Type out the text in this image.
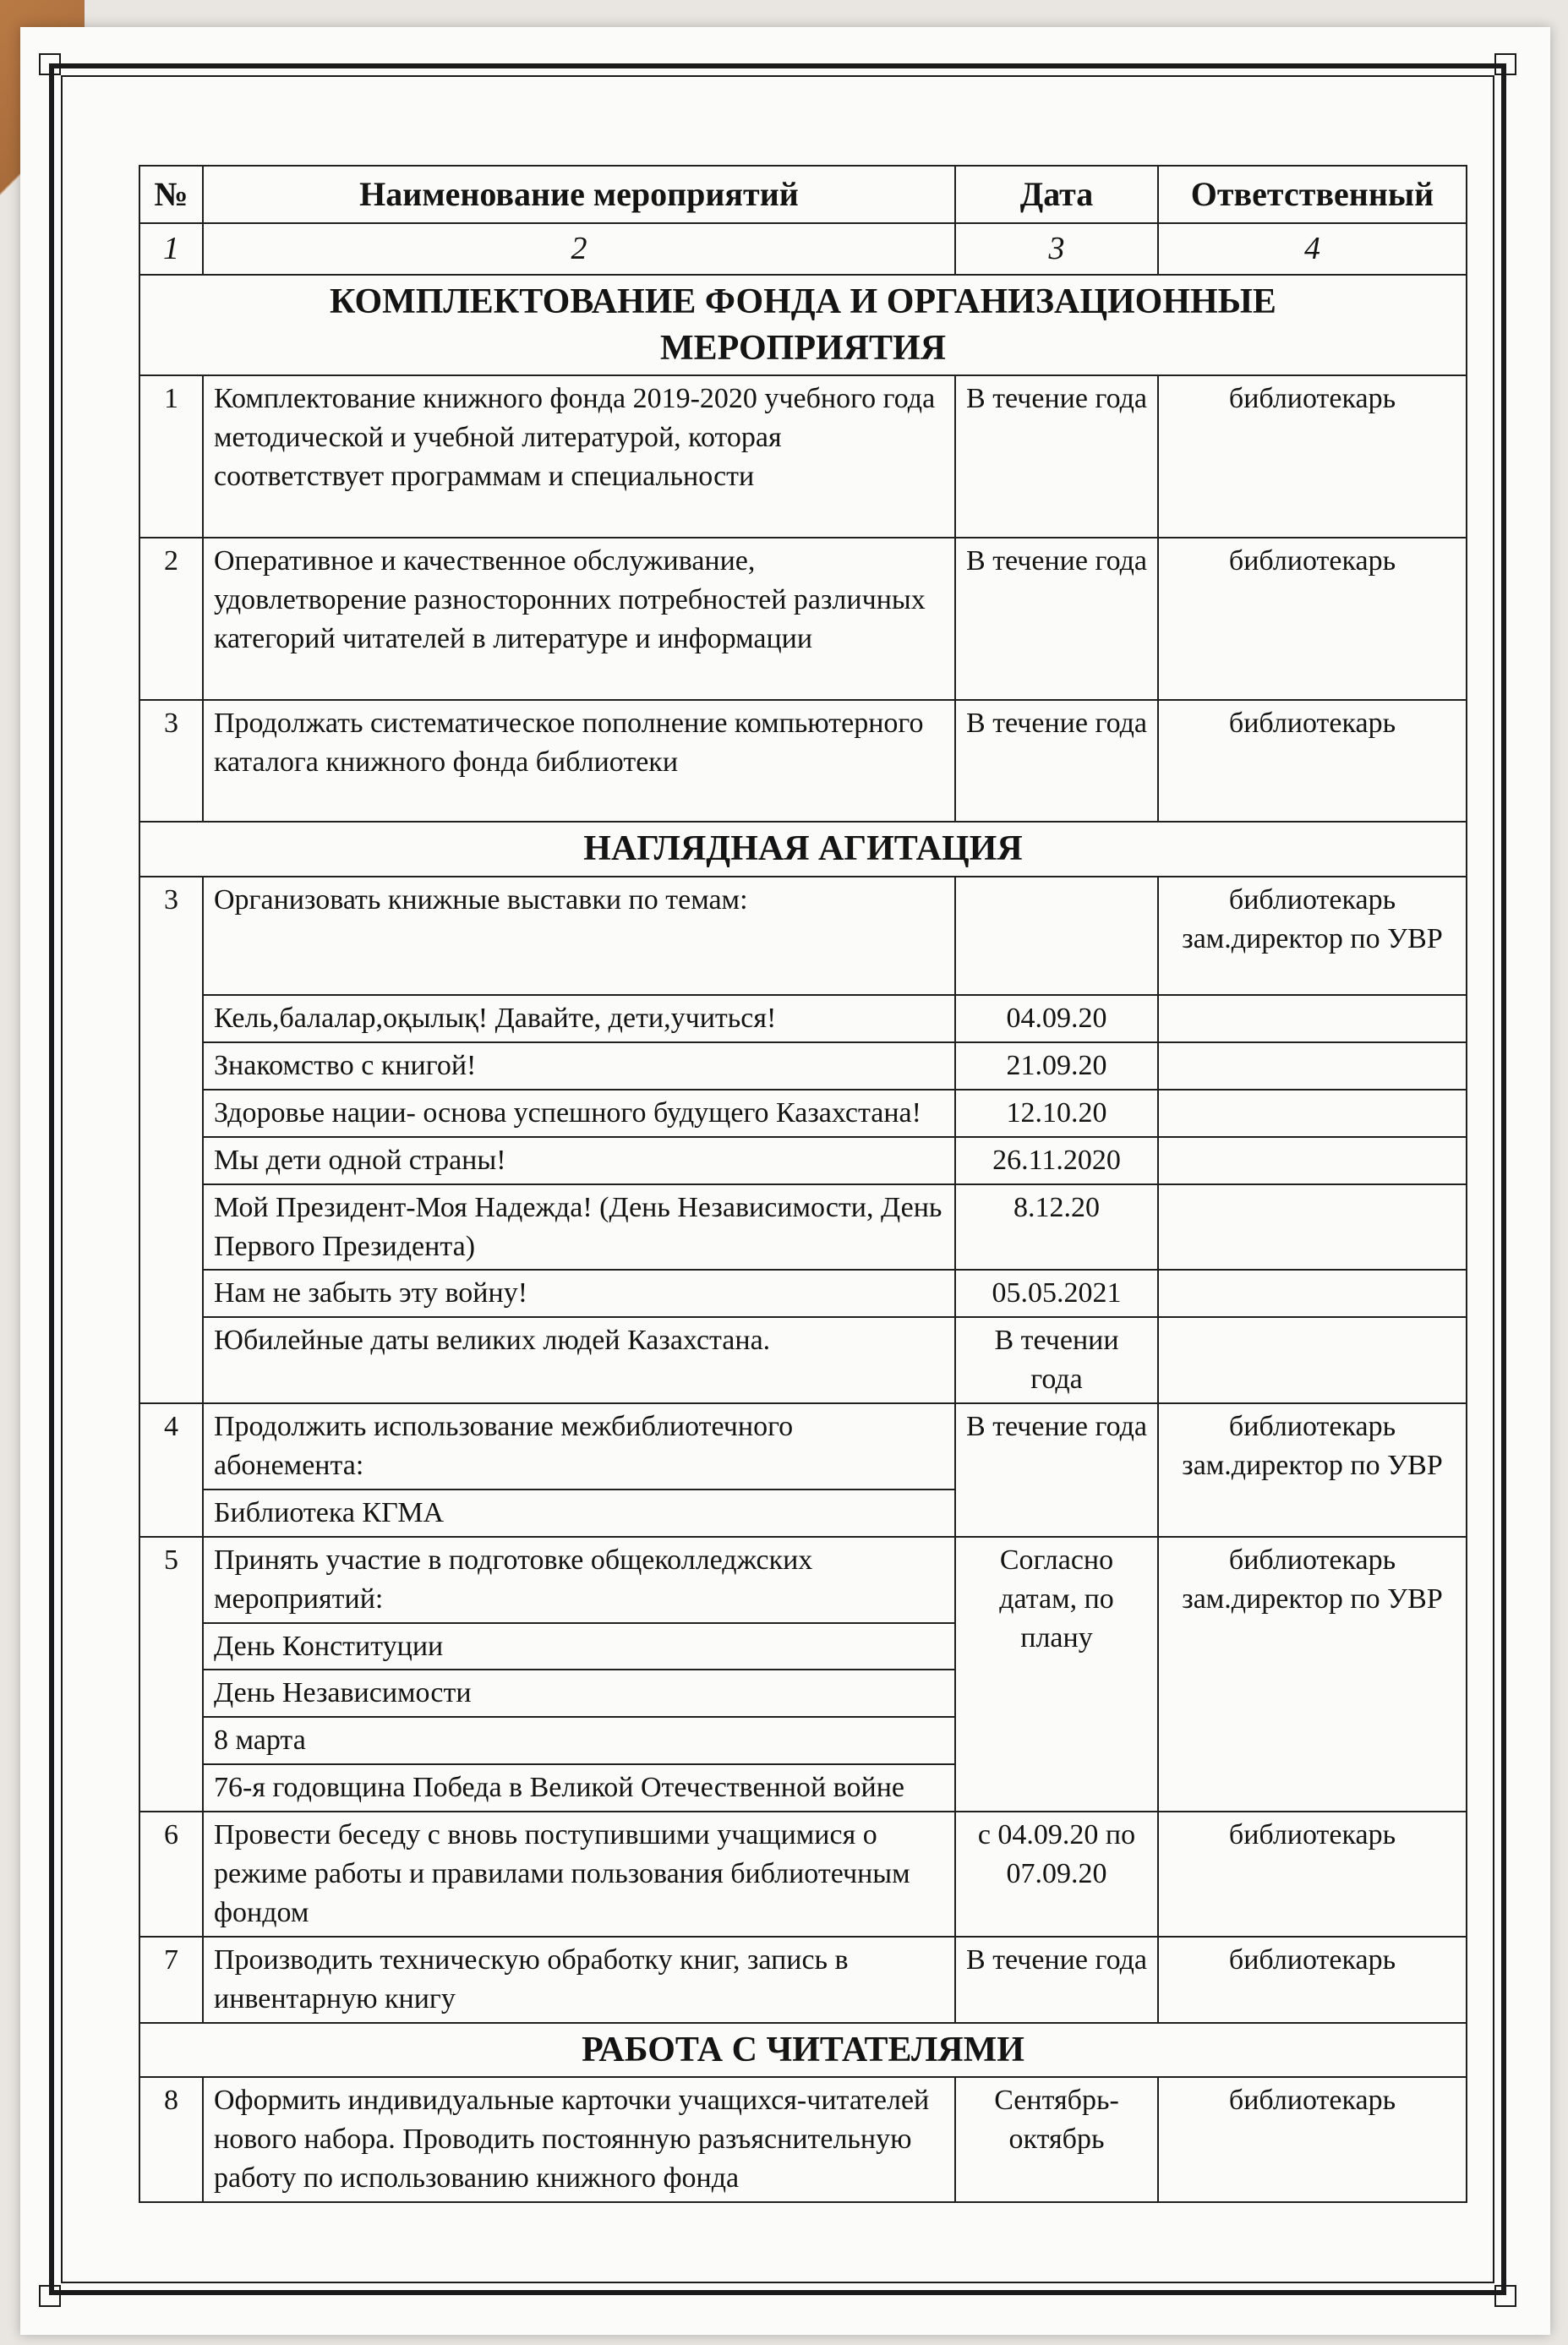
№	Наименование мероприятий	Дата	Ответственный
1	2	3	4
КОМПЛЕКТОВАНИЕ ФОНДА И ОРГАНИЗАЦИОННЫЕ МЕРОПРИЯТИЯ			
1	Комплектование книжного фонда 2019-2020 учебного года методической и учебной литературой, которая соответствует программам и специальности	В течение года	библиотекарь
2	Оперативное и качественное обслуживание, удовлетворение разносторонних потребностей различных категорий читателей в литературе и информации	В течение года	библиотекарь
3	Продолжать систематическое пополнение компьютерного каталога книжного фонда библиотеки	В течение года	библиотекарь
НАГЛЯДНАЯ АГИТАЦИЯ			
3	Организовать книжные выставки по темам:		библиотекарь зам.директор по УВР
	Кель,балалар,оқылық! Давайте, дети,учиться!	04.09.20	
	Знакомство с книгой!	21.09.20	
	Здоровье нации- основа успешного будущего Казахстана!	12.10.20	
	Мы дети одной страны!	26.11.2020	
	Мой Президент-Моя Надежда! (День Независимости, День Первого Президента)	8.12.20	
	Нам не забыть эту войну!	05.05.2021	
	Юбилейные даты великих людей Казахстана.	В течении года	
4	Продолжить использование межбиблиотечного абонемента:	В течение года	библиотекарь зам.директор по УВР
	Библиотека КГМА		
5	Принять участие в подготовке общеколледжских мероприятий:	Согласно датам, по плану	библиотекарь зам.директор по УВР
	День Конституции		
	День Независимости		
	8 марта		
	76-я годовщина Победа в Великой Отечественной войне		
6	Провести беседу с вновь поступившими учащимися о режиме работы и правилами пользования библиотечным фондом	с 04.09.20 по 07.09.20	библиотекарь
7	Производить техническую обработку книг, запись в инвентарную книгу	В течение года	библиотекарь
РАБОТА С ЧИТАТЕЛЯМИ			
8	Оформить индивидуальные карточки учащихся-читателей нового набора. Проводить постоянную разъяснительную работу по использованию книжного фонда	Сентябрь-октябрь	библиотекарь
